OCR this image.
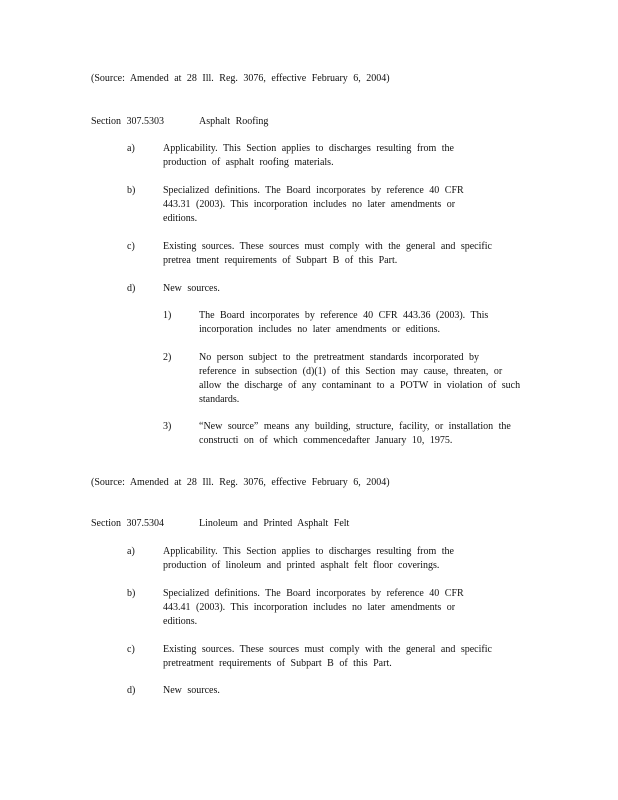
(Source: Amended at 28 Ill. Reg. 3076, effective February 6, 2004)
Section 307.5303	Asphalt Roofing
a)	Applicability. This Section applies to discharges resulting from the production of asphalt roofing materials.
b)	Specialized definitions. The Board incorporates by reference 40 CFR 443.31 (2003). This incorporation includes no later amendments or editions.
c)	Existing sources. These sources must comply with the general and specific pretrea tment requirements of Subpart B of this Part.
d)	New sources.
1)	The Board incorporates by reference 40 CFR 443.36 (2003). This incorporation includes no later amendments or editions.
2)	No person subject to the pretreatment standards incorporated by reference in subsection (d)(1) of this Section may cause, threaten, or allow the discharge of any contaminant to a POTW in violation of such standards.
3)	“New source” means any building, structure, facility, or installation the constructi on of which commencedafter January 10, 1975.
(Source: Amended at 28 Ill. Reg. 3076, effective February 6, 2004)
Section 307.5304	Linoleum and Printed Asphalt Felt
a)	Applicability. This Section applies to discharges resulting from the production of linoleum and printed asphalt felt floor coverings.
b)	Specialized definitions. The Board incorporates by reference 40 CFR 443.41 (2003). This incorporation includes no later amendments or editions.
c)	Existing sources. These sources must comply with the general and specific pretreatment requirements of Subpart B of this Part.
d)	New sources.
